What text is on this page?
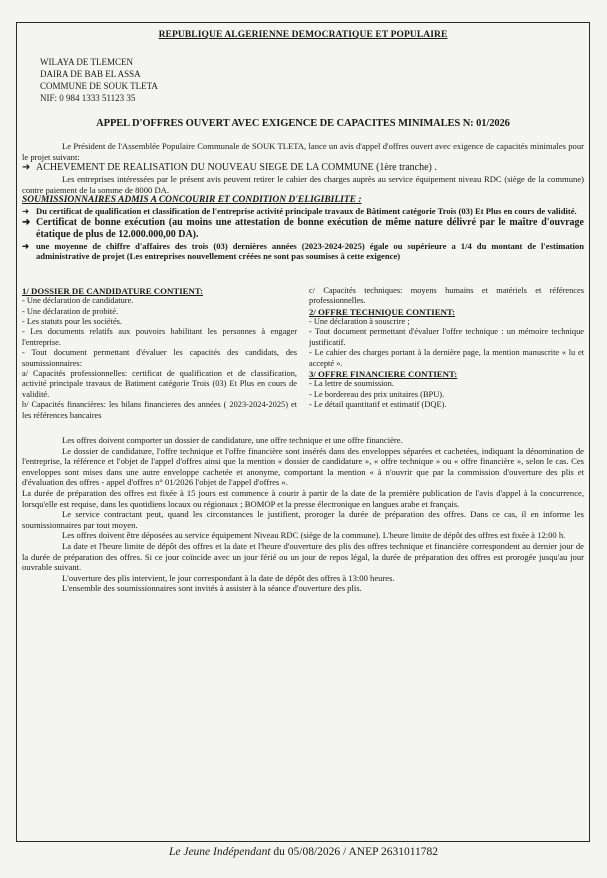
REPUBLIQUE ALGERIENNE DEMOCRATIQUE ET POPULAIRE
WILAYA DE TLEMCEN
DAIRA DE BAB EL ASSA
COMMUNE DE SOUK TLETA
NIF: 0 984 1333 51123 35
APPEL D'OFFRES OUVERT AVEC EXIGENCE DE CAPACITES MINIMALES N: 01/2026

Le Président de l'Assemblée Populaire Communale de SOUK TLETA, lance un avis d'appel d'offres ouvert avec exigence de capacités minimales pour le projet suivant:

➜ ACHEVEMENT DE REALISATION DU NOUVEAU SIEGE DE LA COMMUNE (1ère tranche) .

Les entreprises intéressées par le présent avis peuvent retirer le cahier des charges auprès au service équipement niveau RDC (siège de la commune) contre paiement de la somme de 8000 DA.

SOUMISSIONNAIRES ADMIS A CONCOURIR ET CONDITION D'ELIGIBILITE :
➜ Du certificat de qualification et classification de l'entreprise activité principale travaux de Bâtiment catégorie Trois (03) Et Plus en cours de validité.
➜ Certificat de bonne exécution (au moins une attestation de bonne exécution de même nature délivré par le maître d'ouvrage étatique de plus de 12.000.000,00 DA).
➜ une moyenne de chiffre d'affaires des trois (03) dernières années (2023-2024-2025) égale ou supérieure a 1/4 du montant de l'estimation administrative de projet (Les entreprises nouvellement créées ne sont pas soumises à cette exigence)
1/ DOSSIER DE CANDIDATURE CONTIENT:
- Une déclaration de candidature.
- Une déclaration de probité.
- Les statuts pour les sociétés.
- Les documents relatifs aux pouvoirs habilitant les personnes à engager l'entreprise.
- Tout document permettant d'évaluer les capacités des candidats, des soumissionnaires:
a/ Capacités professionnelles: certificat de qualification et de classification, activité principale travaux de Batiment catégorie Trois (03) Et Plus en cours de validité.
b/ Capacités financières: les bilans financieres des années ( 2023-2024-2025) et les références bancaires
c/ Capacités techniques: moyens humains et matériels et références professionnelles.
2/ OFFRE TECHNIQUE CONTIENT:
- Une déclaration à souscrire ;
- Tout document permettant d'évaluer l'offre technique : un mémoire technique justificatif.
- Le cahier des charges portant à la dernière page, la mention manuscrite « lu et accepté ».
3/ OFFRE FINANCIERE CONTIENT:
- La lettre de soumission.
- Le bordereau des prix unitaires (BPU).
- Le détail quantitatif et estimatif (DQE).

Les offres doivent comporter un dossier de candidature, une offre technique et une offre financière.

Le dossier de candidature, l'offre technique et l'offre financière sont insérés dans des enveloppes séparées et cachetées, indiquant la dénomination de l'entreprise, la référence et l'objet de l'appel d'offres ainsi que la mention « dossier de candidature », « offre technique » ou « offre financière », selon le cas. Ces enveloppes sont mises dans une autre enveloppe cachetée et anonyme, comportant la mention « à n'ouvrir que par la commission d'ouverture des plis et d'évaluation des offres - appel d'offres n° 01/2026 l'objet de l'appel d'offres ».

La durée de préparation des offres est fixée à 15 jours est commence à courir à partir de la date de la première publication de l'avis d'appel à la concurrence, lorsqu'elle est requise, dans les quotidiens locaux ou régionaux ; BOMOP et la presse électronique en langues arabe et français.

Le service contractant peut, quand les circonstances le justifient, proroger la durée de préparation des offres. Dans ce cas, il en informe les soumissionnaires par tout moyen.

Les offres doivent être déposées au service équipement Niveau RDC (siège de la commune). L'heure limite de dépôt des offres est fixée à 12:00 h.

La date et l'heure limite de dépôt des offres et la date et l'heure d'ouverture des plis des offres technique et financière correspondent au dernier jour de la durée de préparation des offres. Si ce jour coïncide avec un jour férié ou un jour de repos légal, la durée de préparation des offres est prorogée jusqu'au jour ouvrable suivant.

L'ouverture des plis intervient, le jour correspondant à la date de dépôt des offres à 13:00 heures.

L'ensemble des soumissionnaires sont invités à assister à la séance d'ouverture des plis.

Le Jeune Indépendant du 05/08/2026 / ANEP 2631011782
